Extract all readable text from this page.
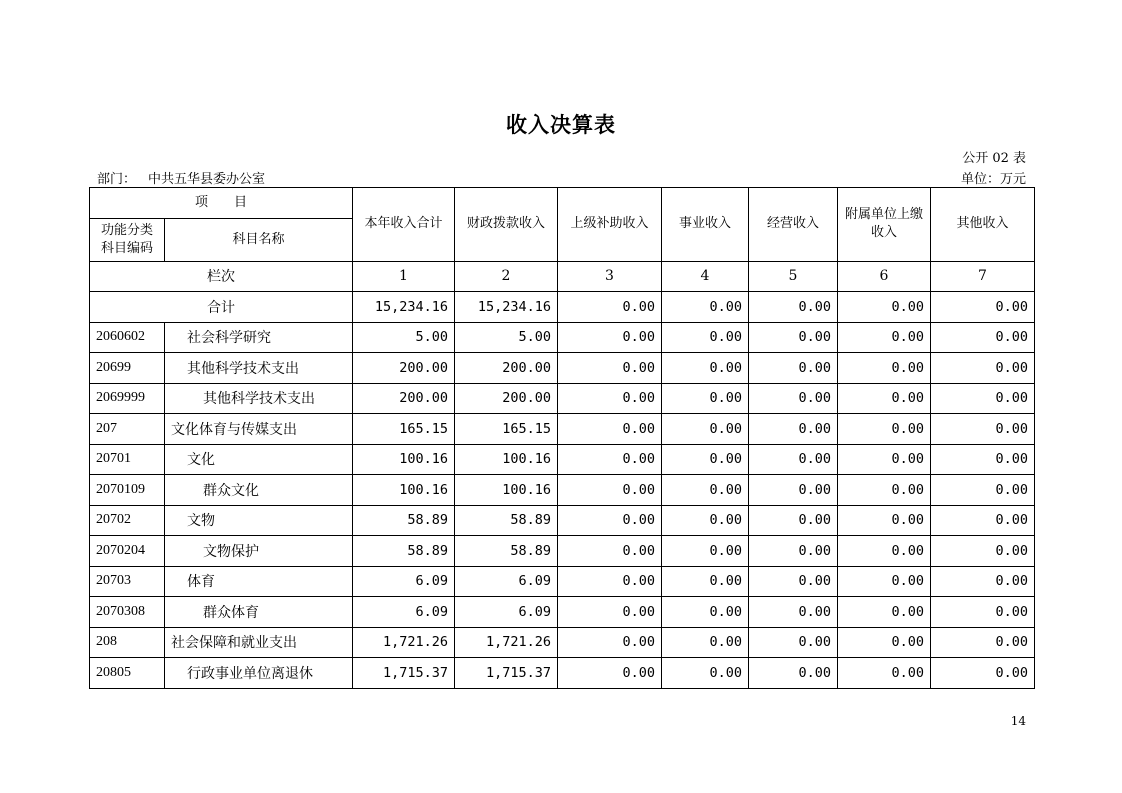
收入决算表
公开 02 表
部门： 中共五华县委办公室	单位：万元
项　　目		本年收入合计	财政拨款收入	上级补助收入	事业收入	经营收入	附属单位上缴收入	其他收入
功能分类科目编码	科目名称							
栏次		1	2	3	4	5	6	7
合计		15,234.16	15,234.16	0.00	0.00	0.00	0.00	0.00
2060602	社会科学研究	5.00	5.00	0.00	0.00	0.00	0.00	0.00
20699	其他科学技术支出	200.00	200.00	0.00	0.00	0.00	0.00	0.00
2069999	其他科学技术支出	200.00	200.00	0.00	0.00	0.00	0.00	0.00
207	文化体育与传媒支出	165.15	165.15	0.00	0.00	0.00	0.00	0.00
20701	文化	100.16	100.16	0.00	0.00	0.00	0.00	0.00
2070109	群众文化	100.16	100.16	0.00	0.00	0.00	0.00	0.00
20702	文物	58.89	58.89	0.00	0.00	0.00	0.00	0.00
2070204	文物保护	58.89	58.89	0.00	0.00	0.00	0.00	0.00
20703	体育	6.09	6.09	0.00	0.00	0.00	0.00	0.00
2070308	群众体育	6.09	6.09	0.00	0.00	0.00	0.00	0.00
208	社会保障和就业支出	1,721.26	1,721.26	0.00	0.00	0.00	0.00	0.00
20805	行政事业单位离退休	1,715.37	1,715.37	0.00	0.00	0.00	0.00	0.00
14
